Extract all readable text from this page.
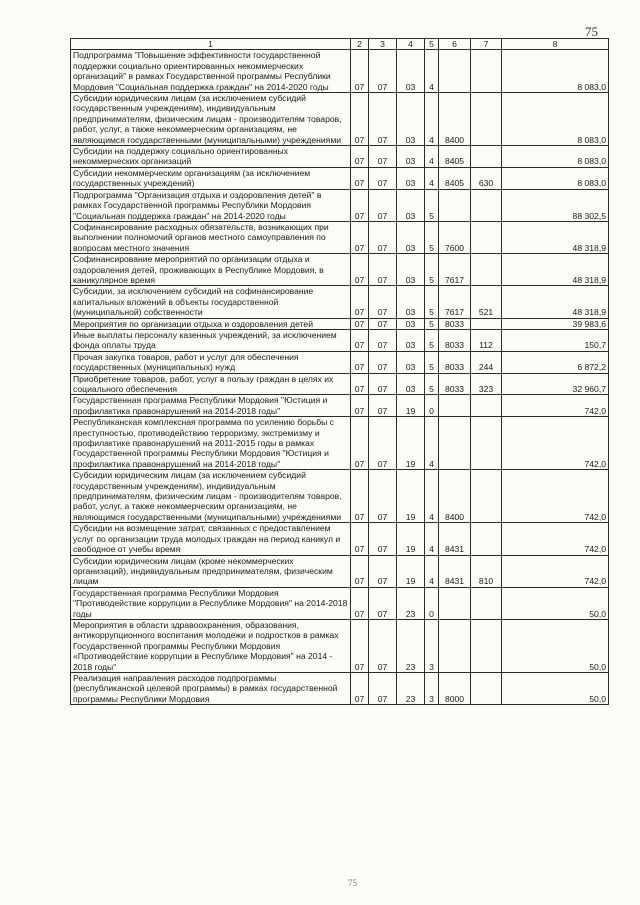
75
1	2	3	4	5	6	7	8
Подпрограмма "Повышение эффективности государственной поддержки социально ориентированных некоммерческих организаций" в рамках Государственной программы Республики Мордовия "Социальная поддержка граждан" на 2014-2020 годы	07	07	03	4			8 083,0
Субсидии юридическим лицам (за исключением субсидий государственным учреждениям), индивидуальным предпринимателям, физическим лицам - производителям товаров, работ, услуг, а также некоммерческим организациям, не являющимся государственными (муниципальными) учреждениями	07	07	03	4	8400		8 083,0
Субсидии на поддержку социально ориентированных некоммерческих организаций	07	07	03	4	8405		8 083,0
Субсидии некоммерческим организациям (за исключением государственных учреждений)	07	07	03	4	8405	630	8 083,0
Подпрограмма "Организация отдыха и оздоровления детей" в рамках Государственной программы Республики Мордовия "Социальная поддержка граждан" на 2014-2020 годы	07	07	03	5			88 302,5
Софинансирование расходных обязательств, возникающих при выполнении полномочий органов местного самоуправления по вопросам местного значения	07	07	03	5	7600		48 318,9
Софинансирование мероприятий по организации отдыха и оздоровления детей, проживающих в Республике Мордовия, в каникулярное время	07	07	03	5	7617		48 318,9
Субсидии, за исключением субсидий на софинансирование капитальных вложений в объекты государственной (муниципальной) собственности	07	07	03	5	7617	521	48 318,9
Мероприятия по организации отдыха и оздоровления детей	07	07	03	5	8033		39 983,6
Иные выплаты персоналу казенных учреждений, за исключением фонда оплаты труда	07	07	03	5	8033	112	150,7
Прочая закупка товаров, работ и услуг для обеспечения государственных (муниципальных) нужд	07	07	03	5	8033	244	6 872,2
Приобретение товаров, работ, услуг в пользу граждан в целях их социального обеспечения	07	07	03	5	8033	323	32 960,7
Государственная программа Республики Мордовия "Юстиция и профилактика правонарушений на 2014-2018 годы"	07	07	19	0			742,0
Республиканская комплексная программа по усилению борьбы с преступностью, противодействию терроризму, экстремизму и профилактике правонарушений на 2011-2015 годы в рамках Государственной программы Республики Мордовия "Юстиция и профилактика правонарушений на 2014-2018 годы"	07	07	19	4			742,0
Субсидии юридическим лицам (за исключением субсидий государственным учреждениям), индивидуальным предпринимателям, физическим лицам - производителям товаров, работ, услуг, а также некоммерческим организациям, не являющимся государственными (муниципальными) учреждениями	07	07	19	4	8400		742,0
Субсидии на возмещение затрат, связанных с предоставлением услуг по организации труда молодых граждан на период каникул и свободное от учебы время	07	07	19	4	8431		742,0
Субсидии юридическим лицам (кроме некоммерческих организаций), индивидуальным предпринимателям, физическим лицам	07	07	19	4	8431	810	742,0
Государственная программа Республики Мордовия "Противодействие коррупции в Республике Мордовия" на 2014-2018 годы	07	07	23	0			50,0
Мероприятия в области здравоохранения, образования, антикоррупционного воспитания молодежи и подростков в рамках Государственной программы Республики Мордовия «Противодействие коррупции в Республике Мордовия" на 2014 - 2018 годы"	07	07	23	3			50,0
Реализация направления расходов подпрограммы (республиканской целевой программы) в рамках государственной программы Республики Мордовия	07	07	23	3	8000		50,0
75
